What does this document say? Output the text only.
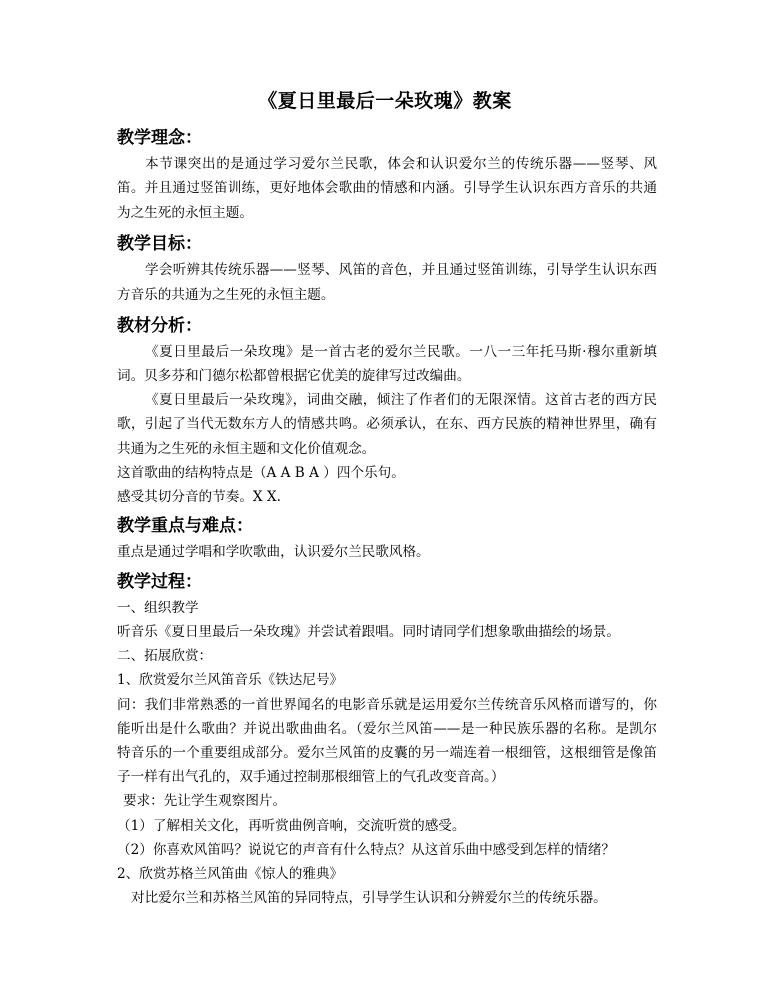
《夏日里最后一朵玫瑰》教案
教学理念：
本节课突出的是通过学习爱尔兰民歌，体会和认识爱尔兰的传统乐器——竖琴、风
笛。并且通过竖笛训练，更好地体会歌曲的情感和内涵。引导学生认识东西方音乐的共通
为之生死的永恒主题。
教学目标：
学会听辨其传统乐器——竖琴、风笛的音色，并且通过竖笛训练，引导学生认识东西
方音乐的共通为之生死的永恒主题。
教材分析：
《夏日里最后一朵玫瑰》是一首古老的爱尔兰民歌。一八一三年托马斯·穆尔重新填
词。贝多芬和门德尔松都曾根据它优美的旋律写过改编曲。
《夏日里最后一朵玫瑰》，词曲交融，倾注了作者们的无限深情。这首古老的西方民
歌，引起了当代无数东方人的情感共鸣。必须承认，在东、西方民族的精神世界里，确有
共通为之生死的永恒主题和文化价值观念。
这首歌曲的结构特点是（A A B A ）四个乐句。
感受其切分音的节奏。X X.
教学重点与难点：
重点是通过学唱和学吹歌曲，认识爱尔兰民歌风格。
教学过程：
一、组织教学
听音乐《夏日里最后一朵玫瑰》并尝试着跟唱。同时请同学们想象歌曲描绘的场景。
二、拓展欣赏：
1、欣赏爱尔兰风笛音乐《铁达尼号》
问：我们非常熟悉的一首世界闻名的电影音乐就是运用爱尔兰传统音乐风格而谱写的，你
能听出是什么歌曲？并说出歌曲曲名。（爱尔兰风笛——是一种民族乐器的名称。是凯尔
特音乐的一个重要组成部分。爱尔兰风笛的皮囊的另一端连着一根细管，这根细管是像笛
子一样有出气孔的，双手通过控制那根细管上的气孔改变音高。）
要求：先让学生观察图片。
（1）了解相关文化，再听赏曲例音响，交流听赏的感受。
（2）你喜欢风笛吗？说说它的声音有什么特点？从这首乐曲中感受到怎样的情绪？
2、欣赏苏格兰风笛曲《惊人的雅典》
对比爱尔兰和苏格兰风笛的异同特点，引导学生认识和分辨爱尔兰的传统乐器。
